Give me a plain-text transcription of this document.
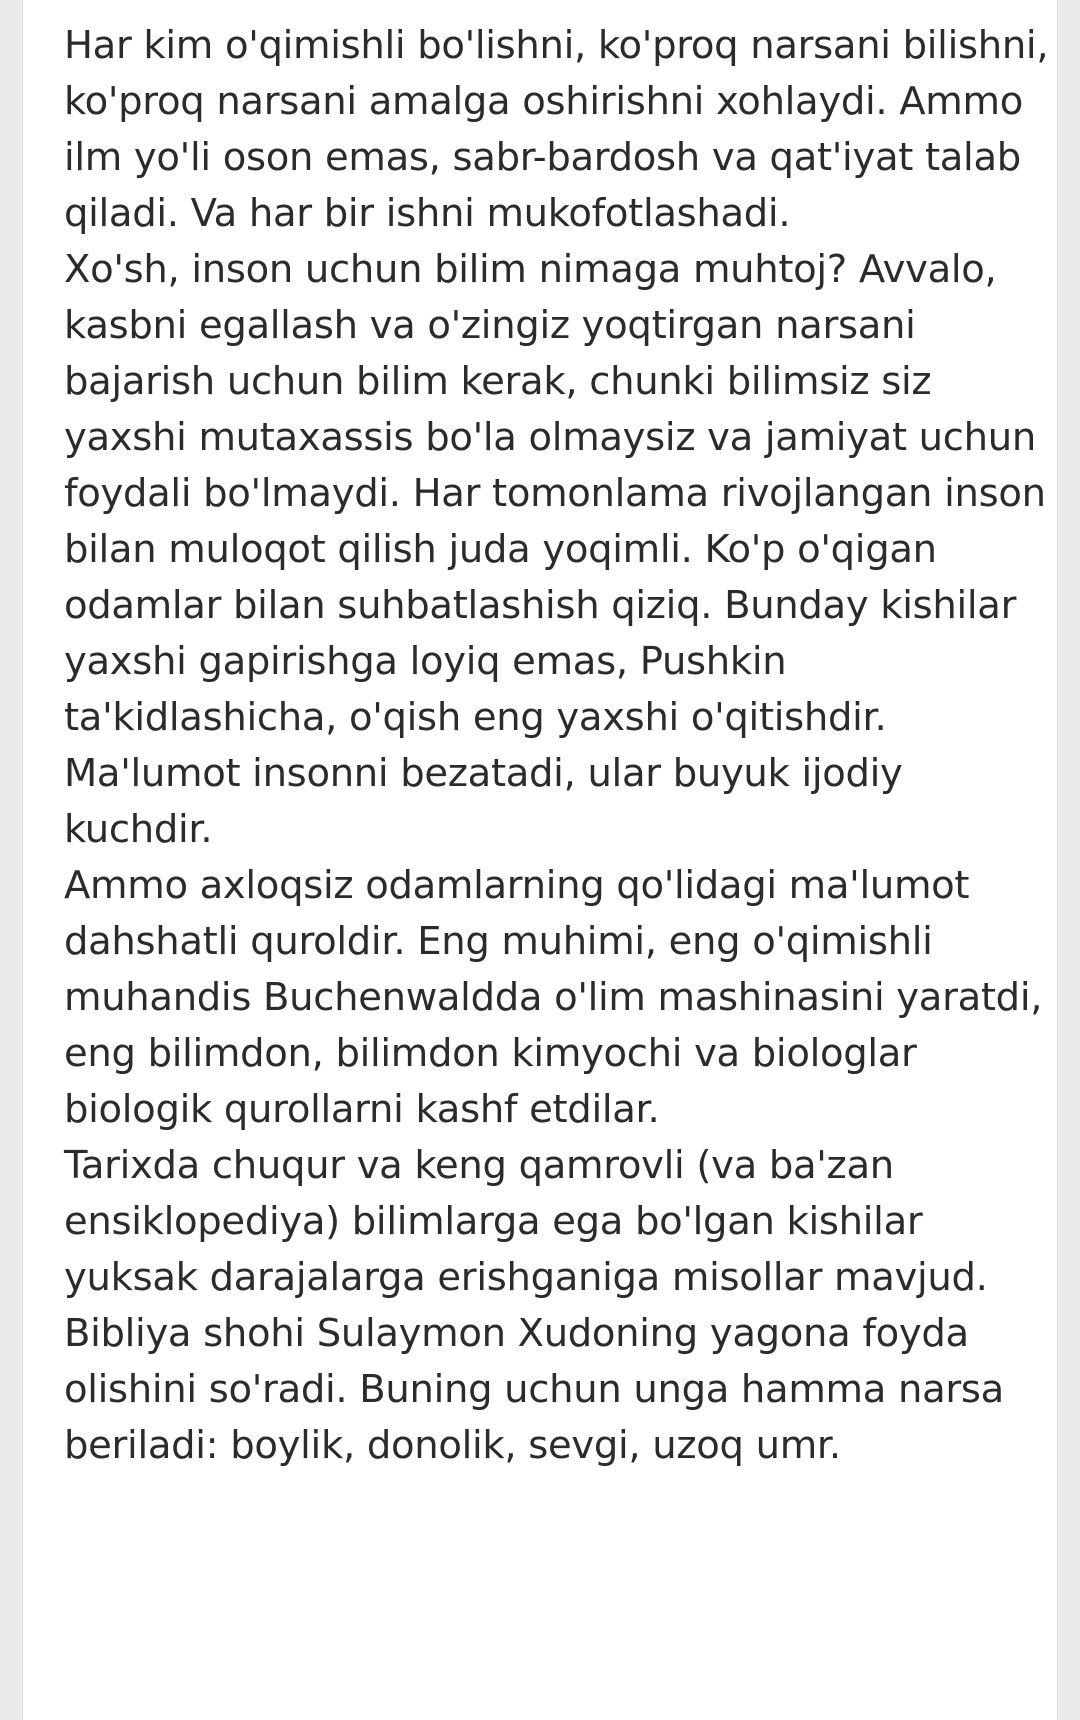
Har kim o'qimishli bo'lishni, ko'proq narsani bilishni, ko'proq narsani amalga oshirishni xohlaydi. Ammo ilm yo'li oson emas, sabr-bardosh va qat'iyat talab qiladi. Va har bir ishni mukofotlashadi.

Xo'sh, inson uchun bilim nimaga muhtoj? Avvalo, kasbni egallash va o'zingiz yoqtirgan narsani bajarish uchun bilim kerak, chunki bilimsiz siz yaxshi mutaxassis bo'la olmaysiz va jamiyat uchun foydali bo'lmaydi. Har tomonlama rivojlangan inson bilan muloqot qilish juda yoqimli. Ko'p o'qigan odamlar bilan suhbatlashish qiziq. Bunday kishilar yaxshi gapirishga loyiq emas, Pushkin ta'kidlashicha, o'qish eng yaxshi o'qitishdir. Ma'lumot insonni bezatadi, ular buyuk ijodiy kuchdir.

Ammo axloqsiz odamlarning qo'lidagi ma'lumot dahshatli quroldir. Eng muhimi, eng o'qimishli muhandis Buchenwaldda o'lim mashinasini yaratdi, eng bilimdon, bilimdon kimyochi va biologlar biologik qurollarni kashf etdilar.

Tarixda chuqur va keng qamrovli (va ba'zan ensiklopediya) bilimlarga ega bo'lgan kishilar yuksak darajalarga erishganiga misollar mavjud.

Bibliya shohi Sulaymon Xudoning yagona foyda olishini so'radi. Buning uchun unga hamma narsa beriladi: boylik, donolik, sevgi, uzoq umr.
